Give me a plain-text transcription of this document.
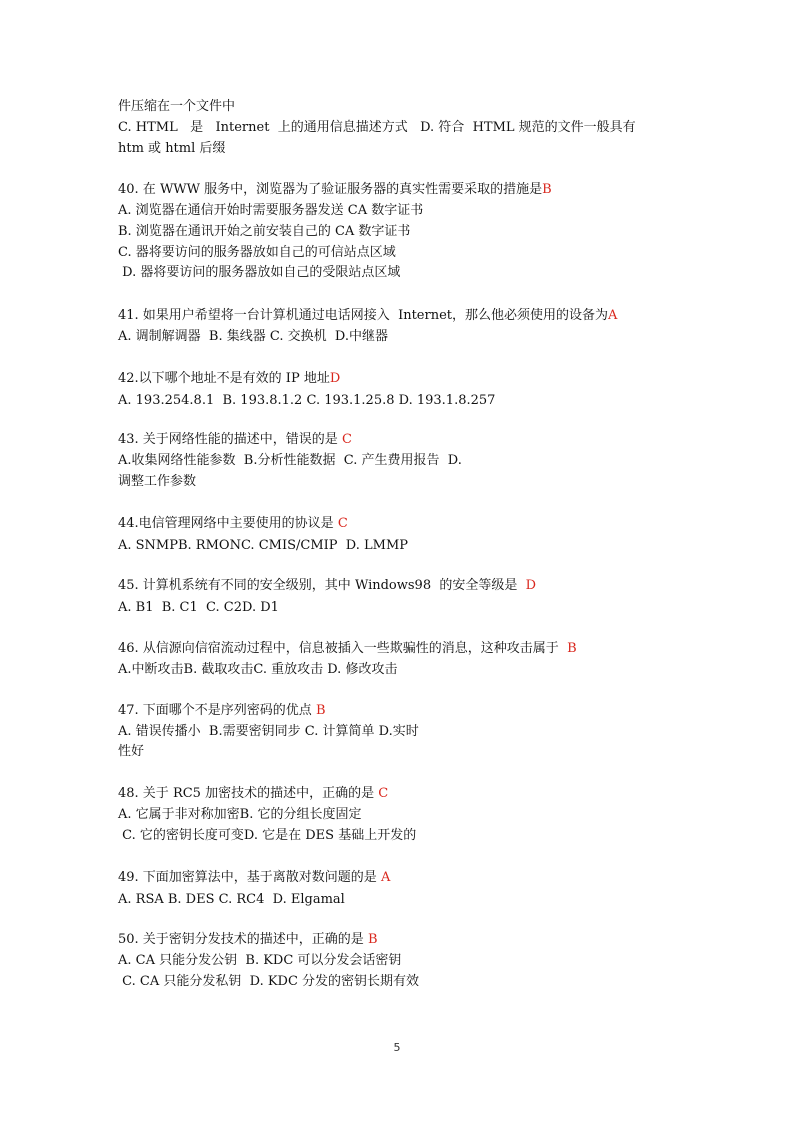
件压缩在一个文件中
C. HTML   是   Internet  上的通用信息描述方式   D. 符合  HTML 规范的文件一般具有
htm 或 html 后缀
40. 在 WWW 服务中，浏览器为了验证服务器的真实性需要采取的措施是B
A. 浏览器在通信开始时需要服务器发送 CA 数字证书
B. 浏览器在通讯开始之前安装自己的 CA 数字证书
C. 器将要访问的服务器放如自己的可信站点区域
D. 器将要访问的服务器放如自己的受限站点区域
41. 如果用户希望将一台计算机通过电话网接入  Internet，那么他必须使用的设备为A
A. 调制解调器  B. 集线器 C. 交换机  D.中继器
42.以下哪个地址不是有效的 IP 地址D
A. 193.254.8.1  B. 193.8.1.2 C. 193.1.25.8 D. 193.1.8.257
43. 关于网络性能的描述中，错误的是 C
A.收集网络性能参数  B.分析性能数据  C. 产生费用报告  D.
调整工作参数
44.电信管理网络中主要使用的协议是 C
A. SNMPB. RMONC. CMIS/CMIP  D. LMMP
45. 计算机系统有不同的安全级别，其中 Windows98  的安全等级是  D
A. B1  B. C1  C. C2D. D1
46. 从信源向信宿流动过程中，信息被插入一些欺骗性的消息，这种攻击属于  B
A.中断攻击B. 截取攻击C. 重放攻击 D. 修改攻击
47. 下面哪个不是序列密码的优点 B
A. 错误传播小  B.需要密钥同步 C. 计算简单 D.实时
性好
48. 关于 RC5 加密技术的描述中，正确的是 C
A. 它属于非对称加密B. 它的分组长度固定
C. 它的密钥长度可变D. 它是在 DES 基础上开发的
49. 下面加密算法中，基于离散对数问题的是 A
A. RSA B. DES C. RC4  D. Elgamal
50. 关于密钥分发技术的描述中，正确的是 B
A. CA 只能分发公钥  B. KDC 可以分发会话密钥
C. CA 只能分发私钥  D. KDC 分发的密钥长期有效
5
